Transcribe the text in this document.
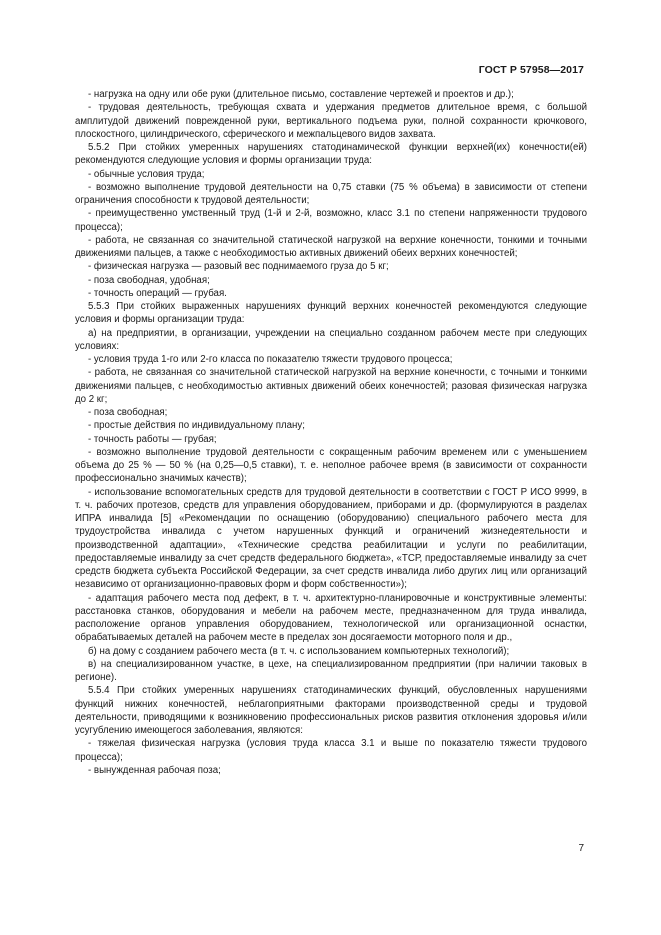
ГОСТ Р 57958—2017

- нагрузка на одну или обе руки (длительное письмо, составление чертежей и проектов и др.);

- трудовая деятельность, требующая схвата и удержания предметов длительное время, с большой амплитудой движений поврежденной руки, вертикального подъема руки, полной сохранности крючкового, плоскостного, цилиндрического, сферического и межпальцевого видов захвата.

5.5.2 При стойких умеренных нарушениях статодинамической функции верхней(их) конечности(ей) рекомендуются следующие условия и формы организации труда:

- обычные условия труда;

- возможно выполнение трудовой деятельности на 0,75 ставки (75 % объема) в зависимости от степени ограничения способности к трудовой деятельности;

- преимущественно умственный труд (1-й и 2-й, возможно, класс 3.1 по степени напряженности трудового процесса);

- работа, не связанная со значительной статической нагрузкой на верхние конечности, тонкими и точными движениями пальцев, а также с необходимостью активных движений обеих верхних конечностей;

- физическая нагрузка — разовый вес поднимаемого груза до 5 кг;

- поза свободная, удобная;

- точность операций — грубая.

5.5.3 При стойких выраженных нарушениях функций верхних конечностей рекомендуются следующие условия и формы организации труда:

а) на предприятии, в организации, учреждении на специально созданном рабочем месте при следующих условиях:

- условия труда 1-го или 2-го класса по показателю тяжести трудового процесса;

- работа, не связанная со значительной статической нагрузкой на верхние конечности, с точными и тонкими движениями пальцев, с необходимостью активных движений обеих конечностей; разовая физическая нагрузка до 2 кг;

- поза свободная;

- простые действия по индивидуальному плану;

- точность работы — грубая;

- возможно выполнение трудовой деятельности с сокращенным рабочим временем или с уменьшением объема до 25 % — 50 % (на 0,25—0,5 ставки), т. е. неполное рабочее время (в зависимости от сохранности профессионально значимых качеств);

- использование вспомогательных средств для трудовой деятельности в соответствии с ГОСТ Р ИСО 9999, в т. ч. рабочих протезов, средств для управления оборудованием, приборами и др. (формулируются в разделах ИПРА инвалида [5] «Рекомендации по оснащению (оборудованию) специального рабочего места для трудоустройства инвалида с учетом нарушенных функций и ограничений жизнедеятельности и производственной адаптации», «Технические средства реабилитации и услуги по реабилитации, предоставляемые инвалиду за счет средств федерального бюджета», «ТСР, предоставляемые инвалиду за счет средств бюджета субъекта Российской Федерации, за счет средств инвалида либо других лиц или организаций независимо от организационно-правовых форм и форм собственности»);

- адаптация рабочего места под дефект, в т. ч. архитектурно-планировочные и конструктивные элементы: расстановка станков, оборудования и мебели на рабочем месте, предназначенном для труда инвалида, расположение органов управления оборудованием, технологической или организационной оснастки, обрабатываемых деталей на рабочем месте в пределах зон досягаемости моторного поля и др.,

б) на дому с созданием рабочего места (в т. ч. с использованием компьютерных технологий);

в) на специализированном участке, в цехе, на специализированном предприятии (при наличии таковых в регионе).

5.5.4 При стойких умеренных нарушениях статодинамических функций, обусловленных нарушениями функций нижних конечностей, неблагоприятными факторами производственной среды и трудовой деятельности, приводящими к возникновению профессиональных рисков развития отклонения здоровья и/или усугублению имеющегося заболевания, являются:

- тяжелая физическая нагрузка (условия труда класса 3.1 и выше по показателю тяжести трудового процесса);

- вынужденная рабочая поза;

7
